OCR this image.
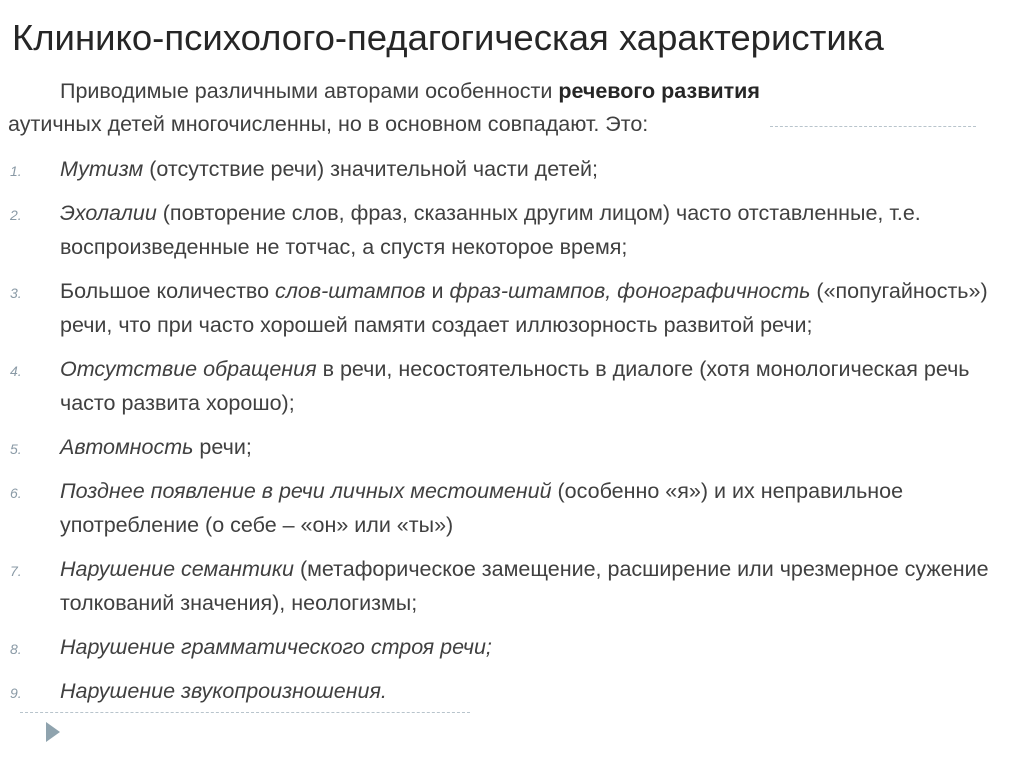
Клинико-психолого-педагогическая характеристика
Приводимые различными авторами особенности речевого развития
аутичных детей многочисленны, но в основном совпадают. Это:
1. Мутизм (отсутствие речи) значительной части детей;
2. Эхолалии (повторение слов, фраз, сказанных другим лицом) часто отставленные, т.е. воспроизведенные не тотчас, а спустя некоторое время;
3. Большое количество слов-штампов и фраз-штампов, фонографичность («попугайность») речи, что при часто хорошей памяти создает иллюзорность развитой речи;
4. Отсутствие обращения в речи, несостоятельность в диалоге (хотя монологическая речь часто развита хорошо);
5. Автомность речи;
6. Позднее появление в речи личных местоимений (особенно «я») и их неправильное употребление (о себе – «он» или «ты»)
7. Нарушение семантики (метафорическое замещение, расширение или чрезмерное сужение толкований значения), неологизмы;
8. Нарушение грамматического строя речи;
9. Нарушение звукопроизношения.
